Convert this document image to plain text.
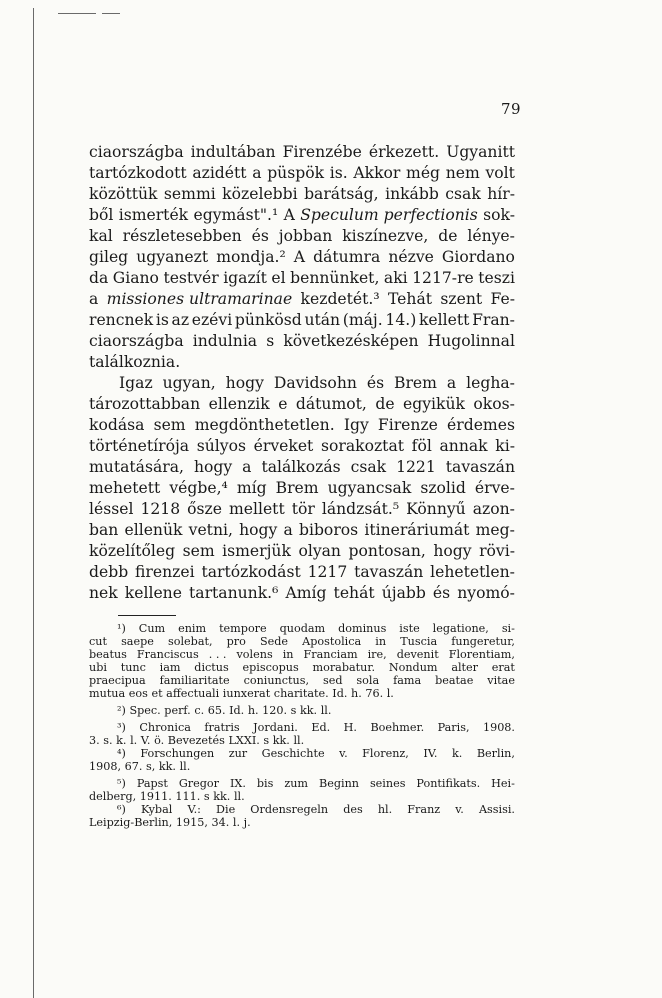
79
ciaországba indultában Firenzébe érkezett. Ugyanitt
tartózkodott azidétt a püspök is. Akkor még nem volt
közöttük semmi közelebbi barátság, inkább csak hír-
ből ismerték egymást".¹ A Speculum perfectionis sok-
kal részletesebben és jobban kiszínezve, de lénye-
gileg ugyanezt mondja.² A dátumra nézve Giordano
da Giano testvér igazít el bennünket, aki 1217-re teszi
a missiones ultramarinae kezdetét.³ Tehát szent Fe-
rencnek is az ezévi pünkösd után (máj. 14.) kellett Fran-
ciaországba indulnia s következésképen Hugolinnal
találkoznia.
Igaz ugyan, hogy Davidsohn és Brem a legha-
tározottabban ellenzik e dátumot, de egyikük okos-
kodása sem megdönthetetlen. Igy Firenze érdemes
történetírója súlyos érveket sorakoztat föl annak ki-
mutatására, hogy a találkozás csak 1221 tavaszán
mehetett végbe,⁴ míg Brem ugyancsak szolid érve-
léssel 1218 ősze mellett tör lándzsát.⁵ Könnyű azon-
ban ellenük vetni, hogy a biboros itineráriumát meg-
közelítőleg sem ismerjük olyan pontosan, hogy rövi-
debb firenzei tartózkodást 1217 tavaszán lehetetlen-
nek kellene tartanunk.⁶ Amíg tehát újabb és nyomó-
¹) Cum enim tempore quodam dominus iste legatione, si-
cut saepe solebat, pro Sede Apostolica in Tuscia fungeretur,
beatus Franciscus . . . volens in Franciam ire, devenit Florentiam,
ubi tunc iam dictus episcopus morabatur. Nondum alter erat
praecipua familiaritate coniunctus, sed sola fama beatae vitae
mutua eos et affectuali iunxerat charitate. Id. h. 76. l.
²) Spec. perf. c. 65. Id. h. 120. s kk. ll.
³) Chronica fratris Jordani. Ed. H. Boehmer. Paris, 1908.
3. s. k. l. V. ö. Bevezetés LXXI. s kk. ll.
⁴) Forschungen zur Geschichte v. Florenz, IV. k. Berlin,
1908, 67. s, kk. ll.
⁵) Papst Gregor IX. bis zum Beginn seines Pontifikats. Hei-
delberg, 1911. 111. s kk. ll.
⁶) Kybal V.: Die Ordensregeln des hl. Franz v. Assisi.
Leipzig-Berlin, 1915, 34. l. j.
